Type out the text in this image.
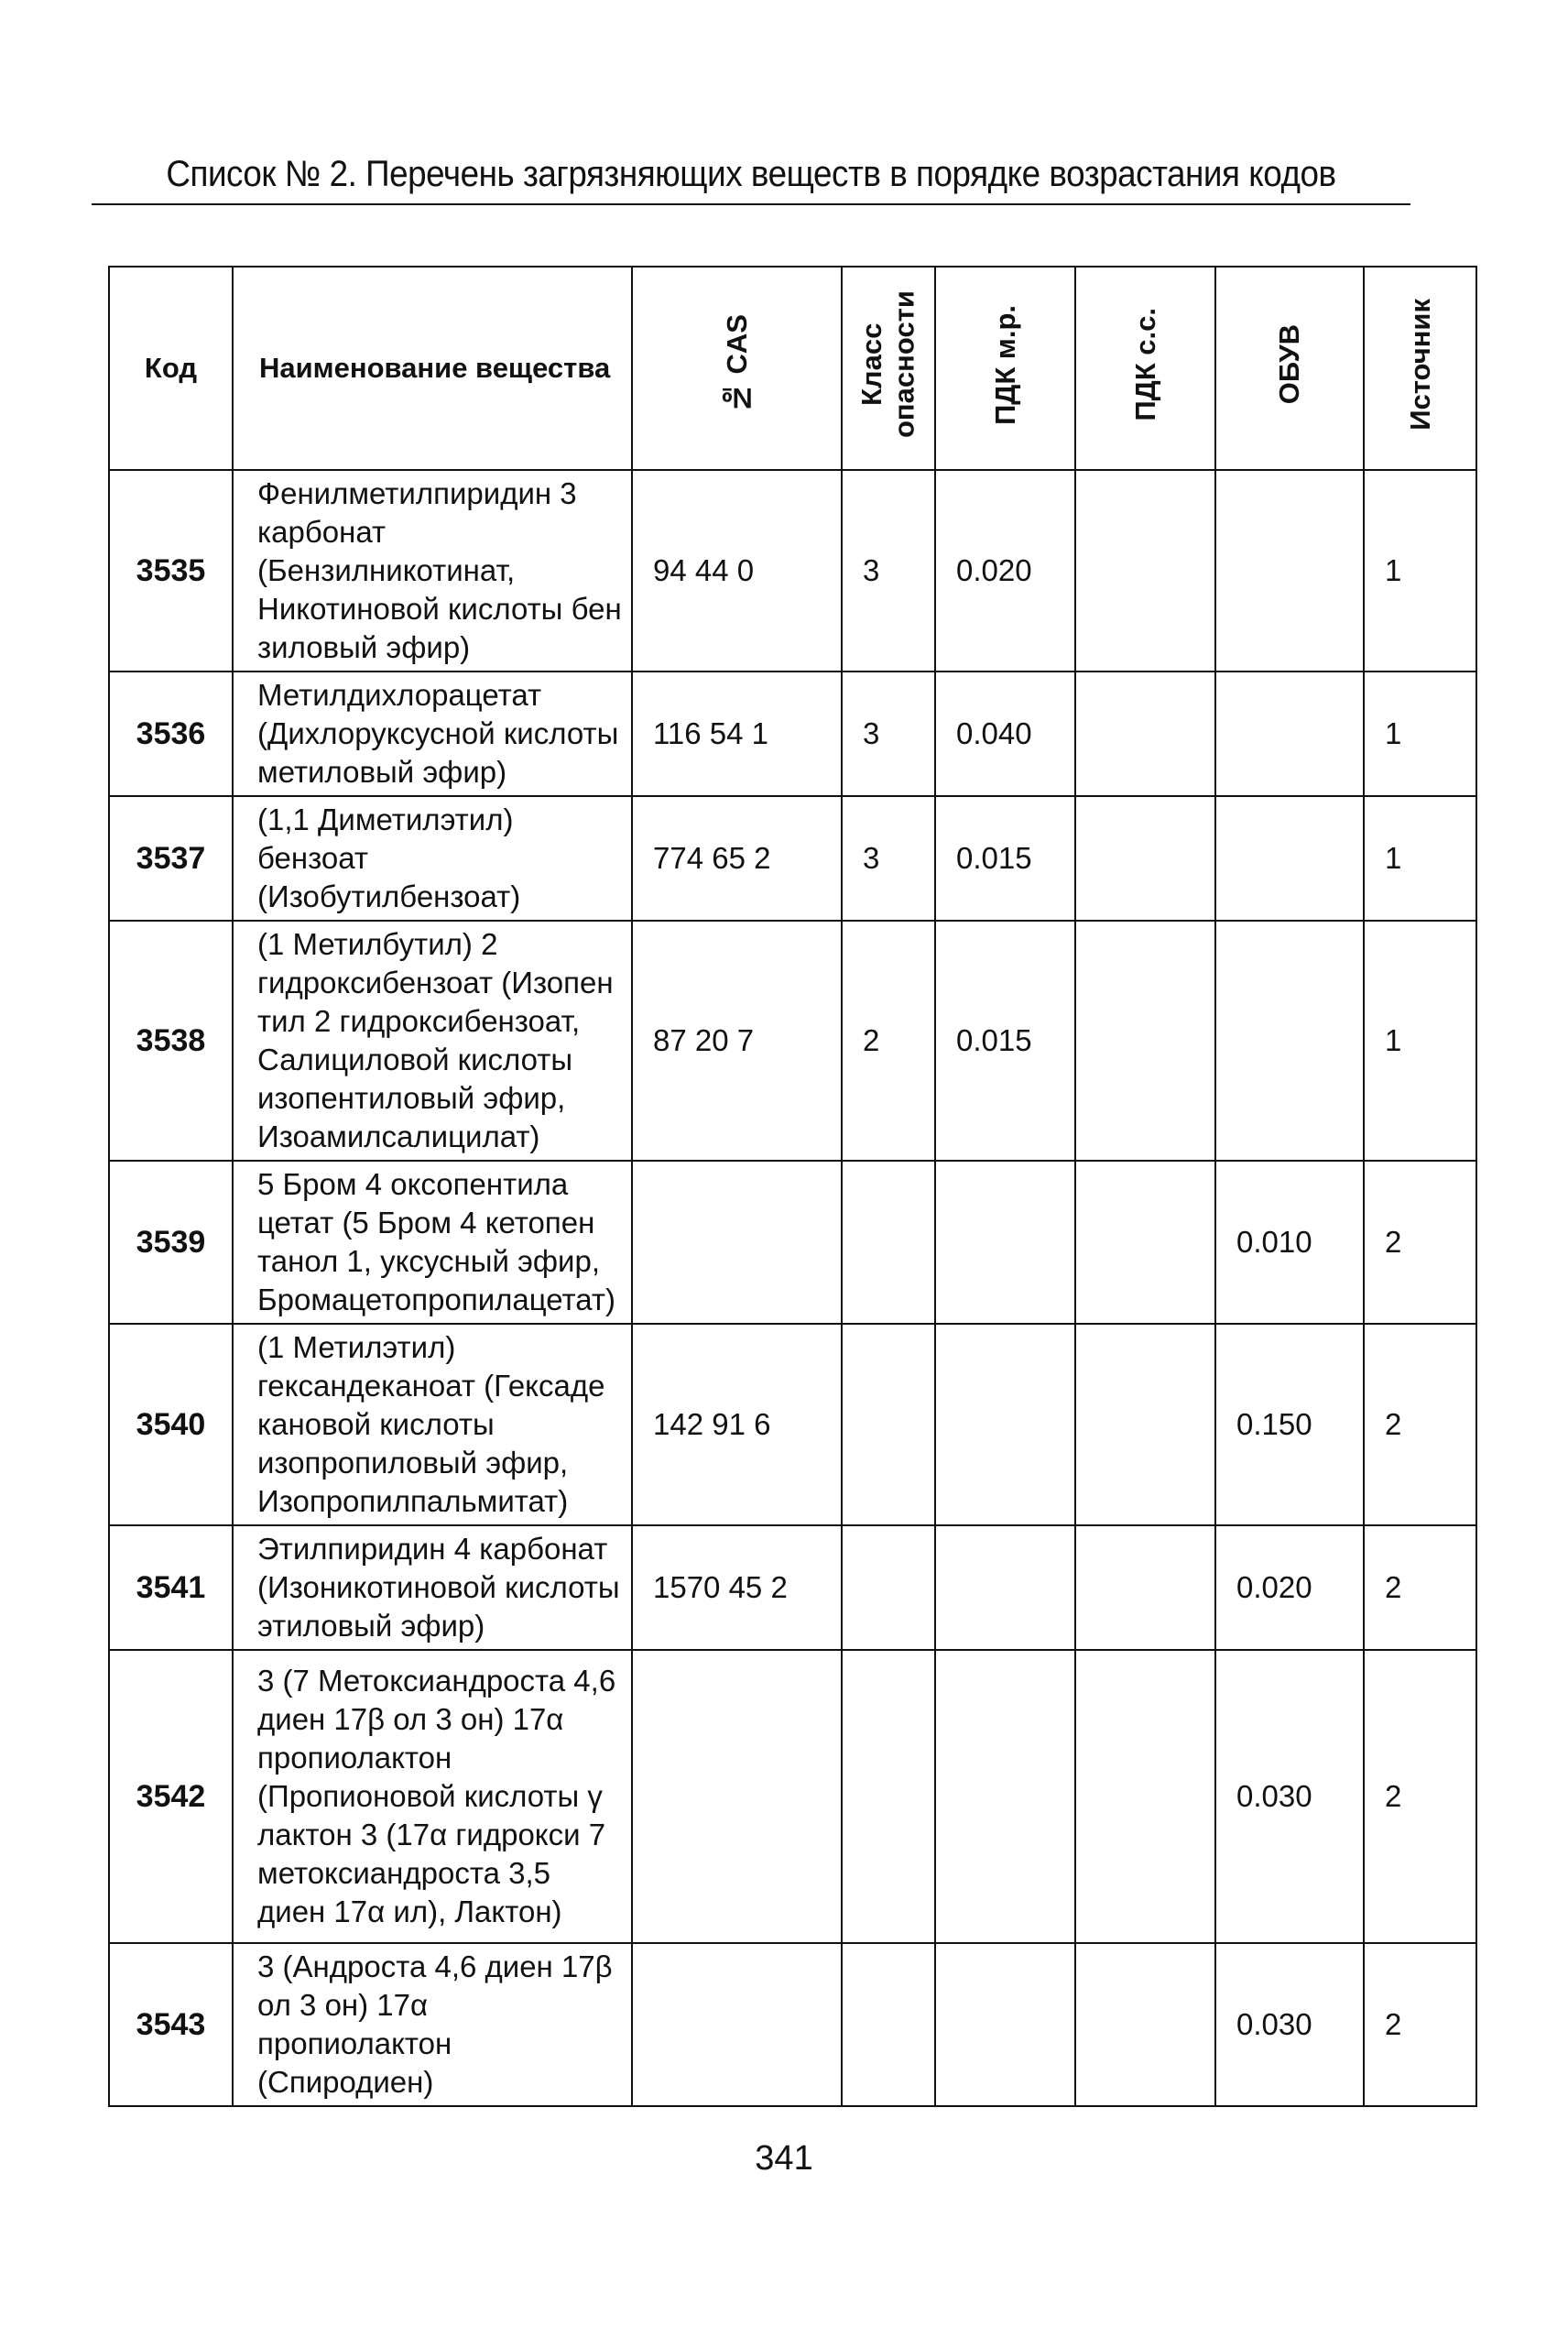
Список № 2. Перечень загрязняющих веществ в порядке возрастания кодов
Код	Наименование вещества	№ CAS	Класс опасности	ПДК м.р.	ПДК с.с.	ОБУВ	Источник
3535	Фенилметилпиридин 3 карбонат (Бензилникотинат, Никотиновой кислоты бен зиловый эфир)	94 44 0	3	0.020			1
3536	Метилдихлорацетат (Дихлоруксусной кислоты метиловый эфир)	116 54 1	3	0.040			1
3537	(1,1 Диметилэтил) бензоат (Изобутилбензоат)	774 65 2	3	0.015			1
3538	(1 Метилбутил) 2 гидроксибензоат (Изопен тил 2 гидроксибензоат, Салициловой кислоты изопентиловый эфир, Изоамилсалицилат)	87 20 7	2	0.015			1
3539	5 Бром 4 оксопентила цетат (5 Бром 4 кетопен танол 1, уксусный эфир, Бромацетопропилацетат)					0.010	2
3540	(1 Метилэтил) гександеканоат (Гексаде кановой кислоты изопропиловый эфир, Изопропилпальмитат)	142 91 6				0.150	2
3541	Этилпиридин 4 карбонат (Изоникотиновой кислоты этиловый эфир)	1570 45 2				0.020	2
3542	3 (7 Метоксиандроста 4,6 диен 17β ол 3 он) 17α пропиолактон (Пропионовой кислоты γ лактон 3 (17α гидрокси 7 метоксиандроста 3,5 диен 17α ил), Лактон)					0.030	2
3543	3 (Андроста 4,6 диен 17β ол 3 он) 17α пропиолактон (Спиродиен)					0.030	2
341
